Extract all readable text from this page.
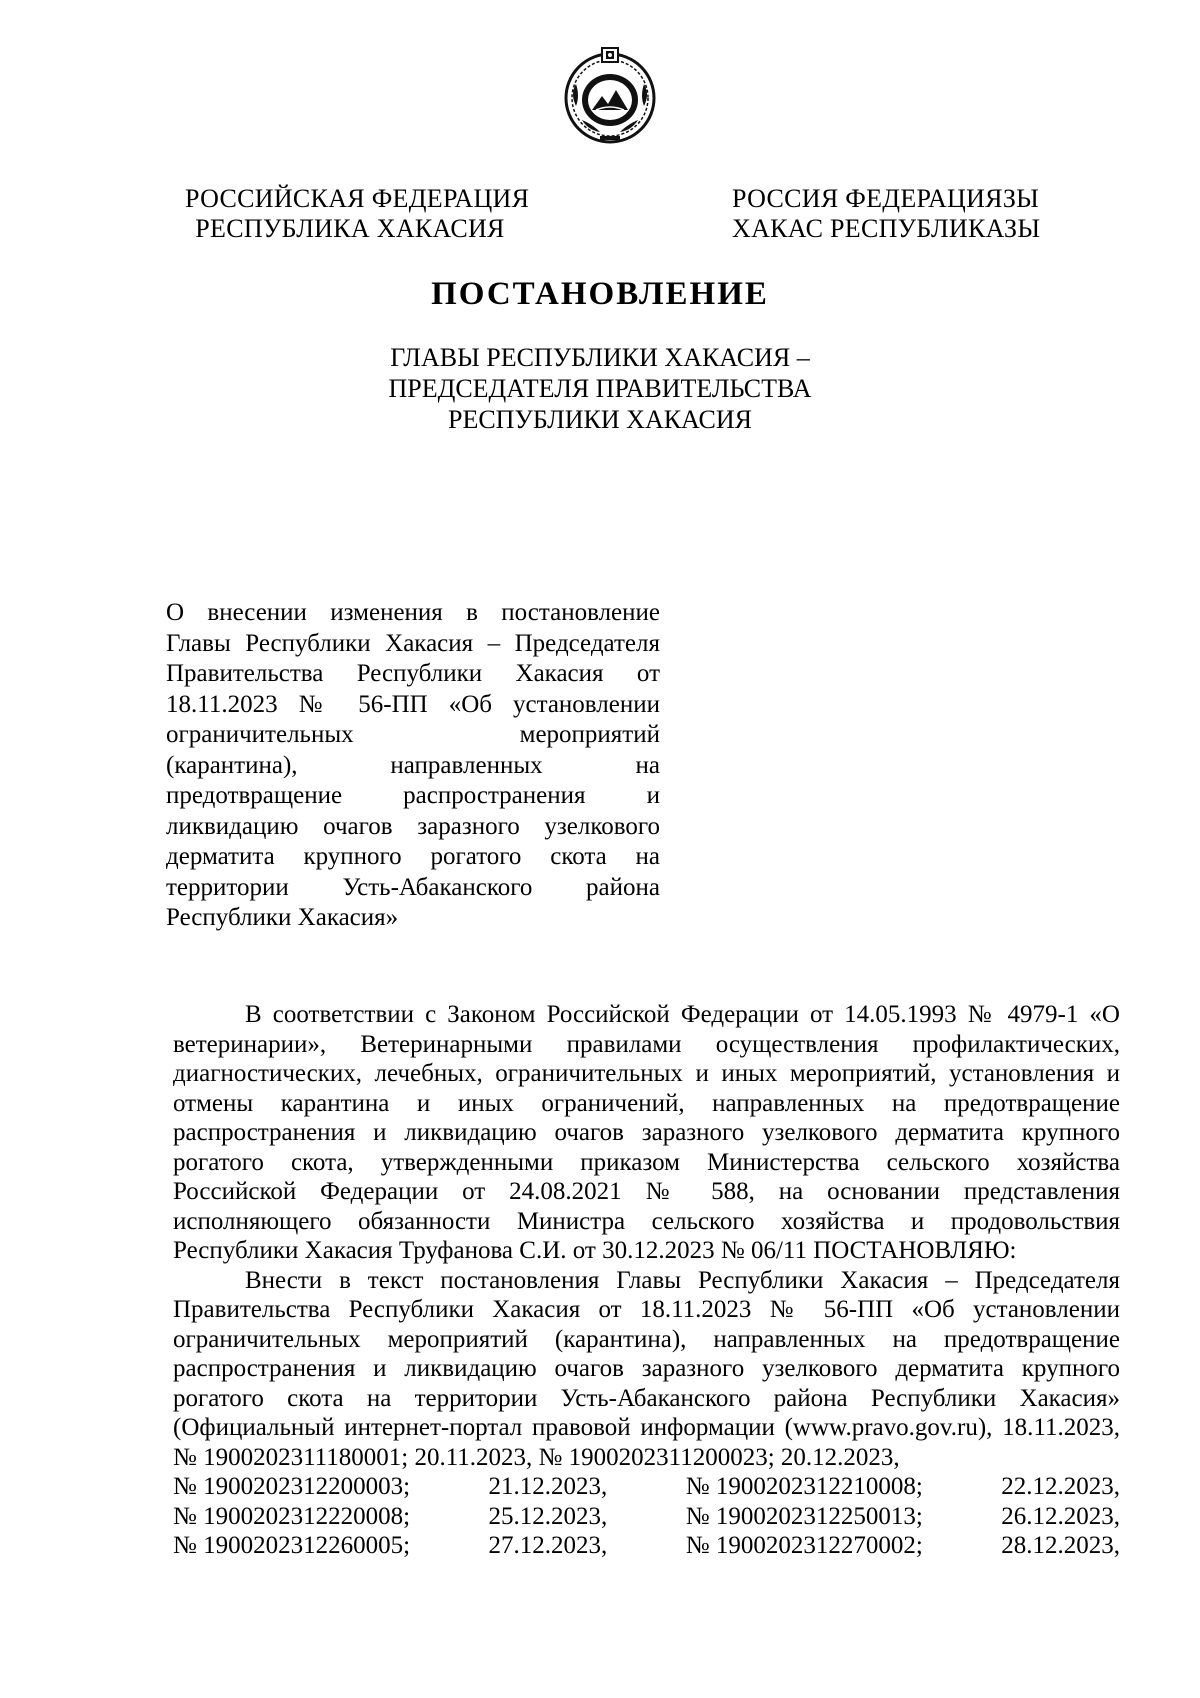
РОССИЙСКАЯ ФЕДЕРАЦИЯ
РЕСПУБЛИКА ХАКАСИЯ
РОССИЯ ФЕДЕРАЦИЯЗЫ
ХАКАС РЕСПУБЛИКАЗЫ
ПОСТАНОВЛЕНИЕ
ГЛАВЫ РЕСПУБЛИКИ ХАКАСИЯ –
ПРЕДСЕДАТЕЛЯ ПРАВИТЕЛЬСТВА
РЕСПУБЛИКИ ХАКАСИЯ
О внесении изменения в постановление
Главы Республики Хакасия – Председателя
Правительства Республики Хакасия от
18.11.2023 № 56-ПП «Об установлении
ограничительных мероприятий
(карантина), направленных на
предотвращение распространения и
ликвидацию очагов заразного узелкового
дерматита крупного рогатого скота на
территории Усть-Абаканского района
Республики Хакасия»

В соответствии с Законом Российской Федерации от 14.05.1993 № 4979-1 «О ветеринарии», Ветеринарными правилами осуществления профилактических, диагностических, лечебных, ограничительных и иных мероприятий, установления и отмены карантина и иных ограничений, направленных на предотвращение распространения и ликвидацию очагов заразного узелкового дерматита крупного рогатого скота, утвержденными приказом Министерства сельского хозяйства Российской Федерации от 24.08.2021 № 588, на основании представления исполняющего обязанности Министра сельского хозяйства и продовольствия Республики Хакасия Труфанова С.И. от 30.12.2023 № 06/11 ПОСТАНОВЛЯЮ:

Внести в текст постановления Главы Республики Хакасия – Председателя Правительства Республики Хакасия от 18.11.2023 № 56-ПП «Об установлении ограничительных мероприятий (карантина), направленных на предотвращение распространения и ликвидацию очагов заразного узелкового дерматита крупного рогатого скота на территории Усть-Абаканского района Республики Хакасия» (Официальный интернет-портал правовой информации (www.pravo.gov.ru), 18.11.2023, № 1900202311180001; 20.11.2023, № 1900202311200023; 20.12.2023,

№ 1900202312200003;	21.12.2023,	№ 1900202312210008;	22.12.2023,
№ 1900202312220008;	25.12.2023,	№ 1900202312250013;	26.12.2023,
№ 1900202312260005;	27.12.2023,	№ 1900202312270002;	28.12.2023,
